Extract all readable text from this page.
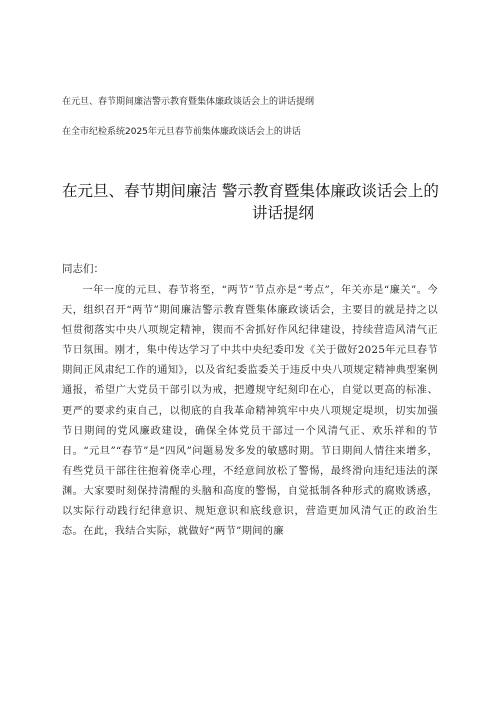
在元旦、春节期间廉洁警示教育暨集体廉政谈话会上的讲话提纲
在全市纪检系统2025年元旦春节前集体廉政谈话会上的讲话
在元旦、春节期间廉洁 警示教育暨集体廉政谈话会上的
讲话提纲
同志们：
一年一度的元旦、春节将至，“两节”节点亦是“考点”，年关亦是“廉关”。今天，组织召开“两节”期间廉洁警示教育暨集体廉政谈话会，主要目的就是持之以恒贯彻落实中央八项规定精神，锲而不舍抓好作风纪律建设，持续营造风清气正节日氛围。刚才，集中传达学习了中共中央纪委印发《关于做好2025年元旦春节期间正风肃纪工作的通知》，以及省纪委监委关于违反中央八项规定精神典型案例通报，希望广大党员干部引以为戒，把遵规守纪刻印在心，自觉以更高的标准、更严的要求约束自己，以彻底的自我革命精神筑牢中央八项规定堤坝，切实加强节日期间的党风廉政建设，确保全体党员干部过一个风清气正、欢乐祥和的节日。“元旦”“春节”是“四风”问题易发多发的敏感时期。节日期间人情往来增多，有些党员干部往往抱着侥幸心理，不经意间放松了警惕，最终滑向违纪违法的深渊。大家要时刻保持清醒的头脑和高度的警惕，自觉抵制各种形式的腐败诱惑，以实际行动践行纪律意识、规矩意识和底线意识，营造更加风清气正的政治生态。在此，我结合实际，就做好“两节”期间的廉
